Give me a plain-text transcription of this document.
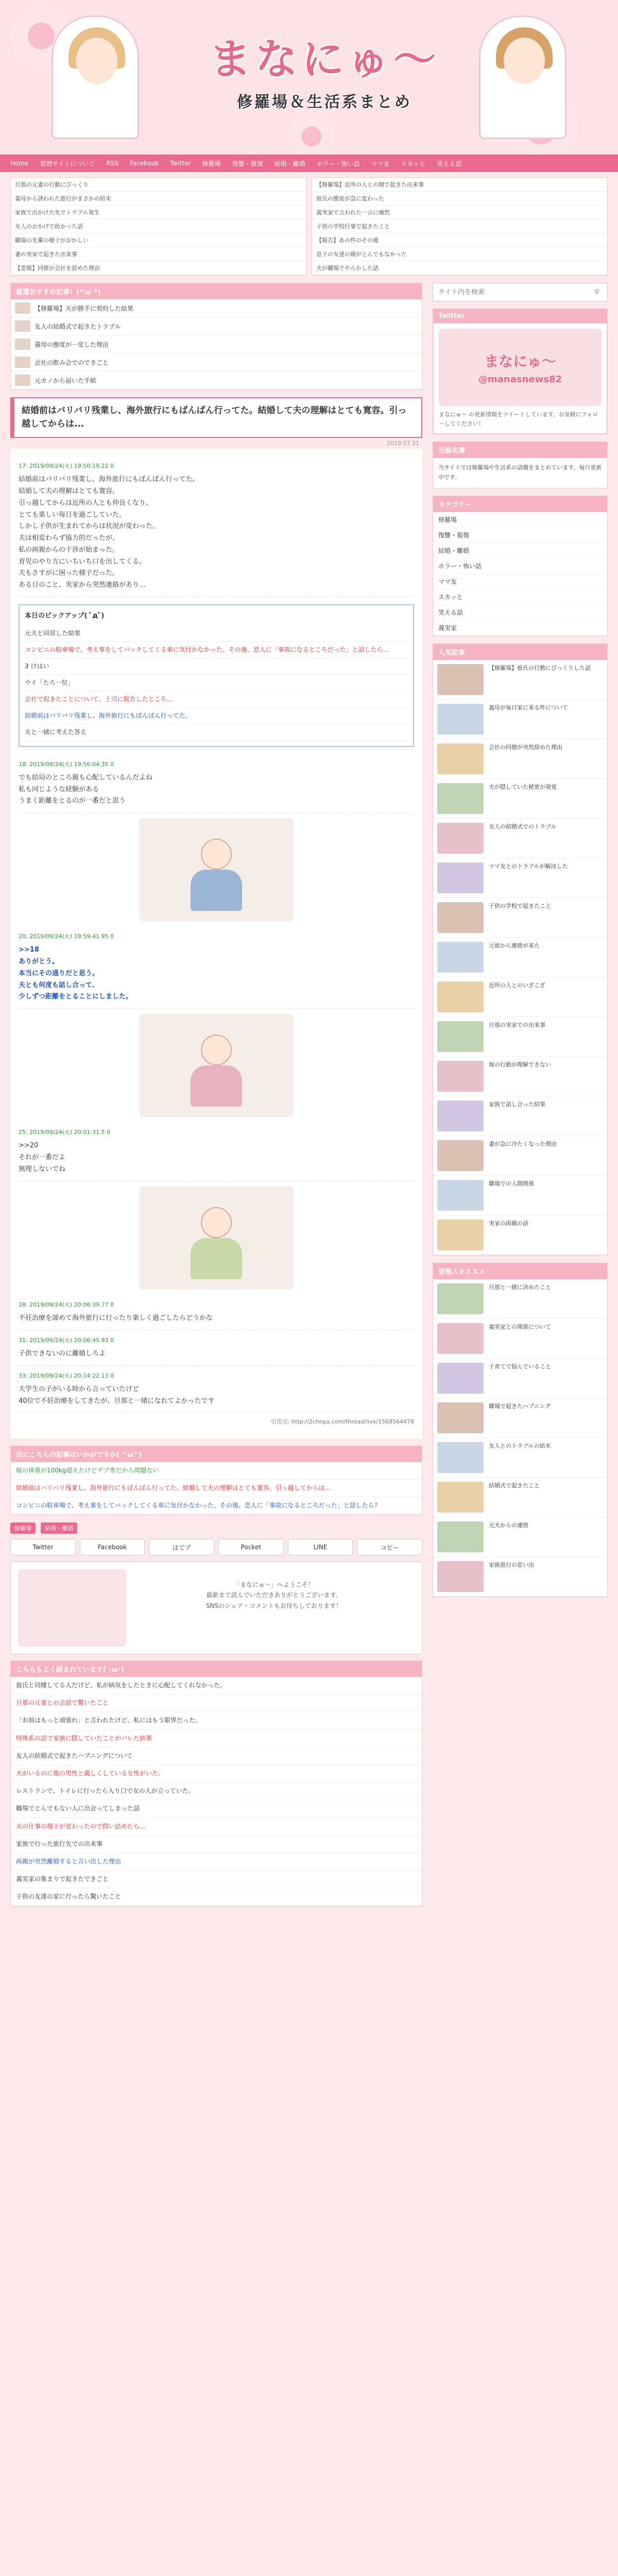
まなにゅ〜
修羅場＆生活系まとめ
Home 管理サイトについて RSS Facebook Twitter 修羅場 復讐・報復 結婚・離婚 ホラー・怖い話 ママ友 スカッと 笑える話
旦那の元妻の行動にびっくり
義母から誘われた旅行がまさかの結末
家族で出かけた先でトラブル発生
友人のおかげで助かった話
職場の先輩の様子がおかしい
妻の実家で起きた出来事
【悲報】同僚が会社を辞めた理由
【修羅場】近所の人との間で起きた出来事
彼氏の態度が急に変わった
義実家で言われた一言に唖然
子供の学校行事で起きたこと
【報告】あの件のその後
息子の友達の親がとんでもなかった
夫が職場でやらかした話
厳選おすすめ記事！(*'ω`*)
【修羅場】夫が勝手に契約した結果
友人の結婚式で起きたトラブル
義母の態度が一変した理由
会社の飲み会でのできごと
元カノから届いた手紙
結婚前はバリバリ残業し、海外旅行にもばんばん行ってた。結婚して夫の理解はとても寛容。引っ越してからは...
2019.07.31
17: 2019/09/24(火) 19:50:19.22 0
結婚前はバリバリ残業し、海外旅行にもばんばん行ってた。
結婚して夫の理解はとても寛容。
引っ越してからは近所の人とも仲良くなり、
とても楽しい毎日を過ごしていた。
しかし子供が生まれてからは状況が変わった。
夫は相変わらず協力的だったが、
私の両親からの干渉が始まった。
育児のやり方にいちいち口を出してくる。
夫もさすがに困った様子だった。
ある日のこと、実家から突然連絡があり…
本日のピックアップ( ﾟдﾟ)
元夫と同居した結果
コンビニの駐車場で、考え事をしてバックしてくる車に気付かなかった。その後、恋人に「事故になるところだった」と話したら…
3 けはい
ウイ「たろ一位」
会社で起きたことについて、上司に報告したところ…
結婚前はバリバリ残業し、海外旅行にもばんばん行ってた。
夫と一緒に考えた答え
18: 2019/09/24(火) 19:56:04.35 0
でも結局のところ親も心配しているんだよね
私も同じような経験がある
うまく距離をとるのが一番だと思う
20: 2019/09/24(火) 19:59:41.95 0
>>18
ありがとう。
本当にその通りだと思う。
夫とも何度も話し合って、
少しずつ距離をとることにしました。
25: 2019/09/24(火) 20:01:31.5 0
>>20
それが一番だよ
無理しないでね
28: 2019/09/24(火) 20:06:39.77 0
不妊治療を諦めて海外旅行に行ったり楽しく過ごしたらどうかな
31: 2019/09/24(火) 20:06:45.93 0
子供できないのに離婚しろよ
33: 2019/09/24(火) 20:14:22.13 0
大学生の子がいる時から言っていたけど
40位で不妊治療をしてきたが、旦那と一緒になれてよかったです
引用元: http://2chnpa.com/thread/live/1568564478
次にこちらの記事はいかがですか( ^ω^)
嫁の体重が100kg超えたけどデブ専だから問題ない
結婚前はバリバリ残業し、海外旅行にもばんばん行ってた。結婚して夫の理解はとても寛容。引っ越してからは…
コンビニの駐車場で、考え事をしてバックしてくる車に気付かなかった。その後、恋人に「事故になるところだった」と話したら？
修羅場 結婚・離婚
Twitter	Facebook	はてブ	Pocket	LINE	コピー
「まなにゅ〜」へようこそ！
最新まで読んでいただきありがとうございます。
SNSのシェア・コメントもお待ちしております！
こちらもよく読まれています( ･ω･)
彼氏と同棲してる人だけど、私が病気をしたときに心配してくれなかった。
旦那の元妻との会話で驚いたこと
「お前はもっと頑張れ」と言われたけど、私にはもう限界だった。
特殊系の話で家族に隠していたことがバレた結果
友人の結婚式で起きたハプニングについて
夫がいるのに他の男性と親しくしている女性がいた。
レストランで、トイレに行ったら入り口で女の人が立っていた。
職場でとんでもない人に出会ってしまった話
夫の仕事の様子が変わったので問い詰めたら…
家族で行った旅行先での出来事
両親が突然離婚すると言い出した理由
義実家の集まりで起きたできごと
子供の友達の家に行ったら驚いたこと
サイト内を検索
⚲
Twitter
まなにゅ〜
@manasnews82

まなにゅ〜 の更新情報をツイートしています。お気軽にフォローしてください！

当館名簿

当サイトでは修羅場や生活系の話題をまとめています。毎日更新中です。

カテゴリー
修羅場
復讐・報復
結婚・離婚
ホラー・怖い話
ママ友
スカッと
笑える話
義実家
人気記事
【修羅場】彼氏の行動にびっくりした話
義母が毎日家に来る件について
会社の同僚が突然辞めた理由
夫が隠していた秘密が発覚
友人の結婚式でのトラブル
ママ友とのトラブルが解決した
子供の学校で起きたこと
元彼から連絡が来た
近所の人とのいざこざ
旦那の実家での出来事
嫁の行動が理解できない
家族で話し合った結果
妻が急に冷たくなった理由
職場での人間関係
実家の両親の話
管理人オススメ
旦那と一緒に決めたこと
義実家との関係について
子育てで悩んでいること
職場で起きたハプニング
友人とのトラブルの結末
結婚式で起きたこと
元夫からの連絡
家族旅行の思い出
